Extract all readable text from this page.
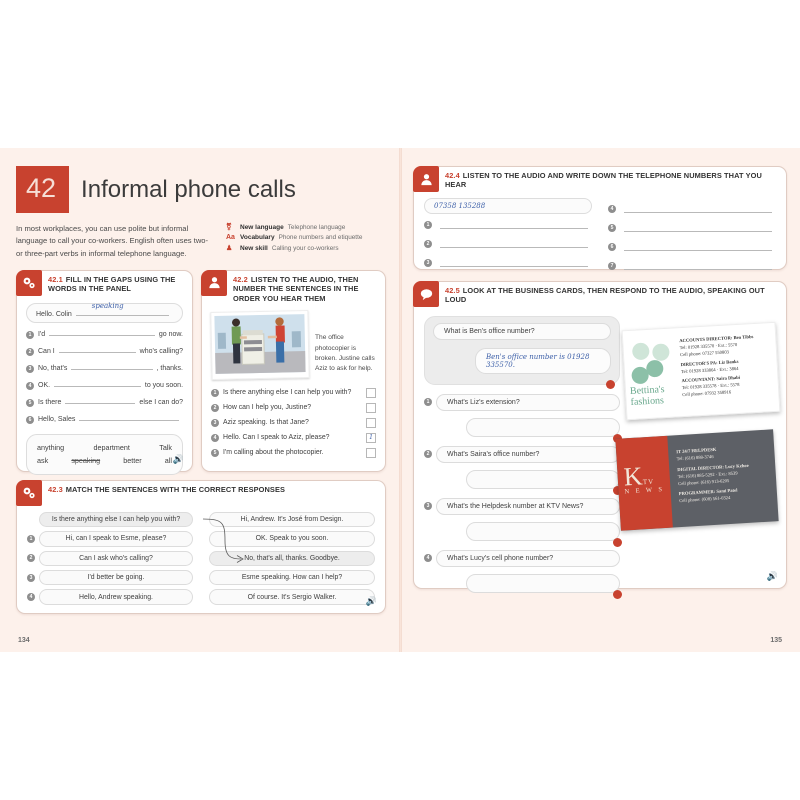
42	Informal phone calls
In most workplaces, you can use polite but informal language to call your co-workers. English often uses two- or three-part verbs in informal telephone language.
⚧	New language Telephone language
Aa Vocabulary Phone numbers and etiquette
♟	New skill Calling your co-workers
42.1 FILL IN THE GAPS USING THE WORDS IN THE PANEL
Hello. Colin
speaking
1 I'd	go now.
2 Can I	who's calling?
3 No, that's	, thanks.
4 OK.	to you soon.
5 Is there	else I can do?
6 Hello, Sales
anything	department	Talk
ask	speaking	better	all 🔊
42.2 LISTEN TO THE AUDIO, THEN NUMBER THE SENTENCES IN THE ORDER YOU HEAR THEM
The office photocopier is broken. Justine calls Aziz to ask for help.
1 Is there anything else I can help you with?
2 How can I help you, Justine?
3 Aziz speaking. Is that Jane?
4 Hello. Can I speak to Aziz, please?	1
5 I'm calling about the photocopier.
42.3 MATCH THE SENTENCES WITH THE CORRECT RESPONSES
Is there anything else I can help you with?
1	Hi, can I speak to Esme, please?
2	Can I ask who's calling?
3	I'd better be going.
4	Hello, Andrew speaking.
Hi, Andrew. It's José from Design.
OK. Speak to you soon.
No, that's all, thanks. Goodbye.
Esme speaking. How can I help?
Of course. It's Sergio Walker.	🔊
134
42.4 LISTEN TO THE AUDIO AND WRITE DOWN THE TELEPHONE NUMBERS THAT YOU HEAR
07358 135288
1
2
3
4
5
6
7
42.5 LOOK AT THE BUSINESS CARDS, THEN RESPOND TO THE AUDIO, SPEAKING OUT LOUD
What is Ben's office number?
Ben's office number is 01928 335570.
1	What's Liz's extension?
2	What's Saira's office number?
3	What's the Helpdesk number at KTV News?
4	What's Lucy's cell phone number?
Bettina's
fashions
ACCOUNTS DIRECTOR: Ben Tibbs
Tel: 01928 335570 · Ext.: 5570
Cell phone: 07327 550803
DIRECTOR'S PA: Liz Banks
Tel: 01928 333864 · Ext.: 3864
ACCOUNTANT: Saira Dhabi
Tel: 01928 335578 · Ext.: 5578
Cell phone: 07932 358916
KTV
N E W S
IT 24/7 HELPDESK
Tel: (616) 888-3746
DIGITAL DIRECTOR: Lucy Kehoe
Tel: (616) 885-5292 · Ext.: 8539
Cell phone: (616) 913-6205
PROGRAMMER: Sami Patel
Cell phone: (608) 561-0324
🔊
135
